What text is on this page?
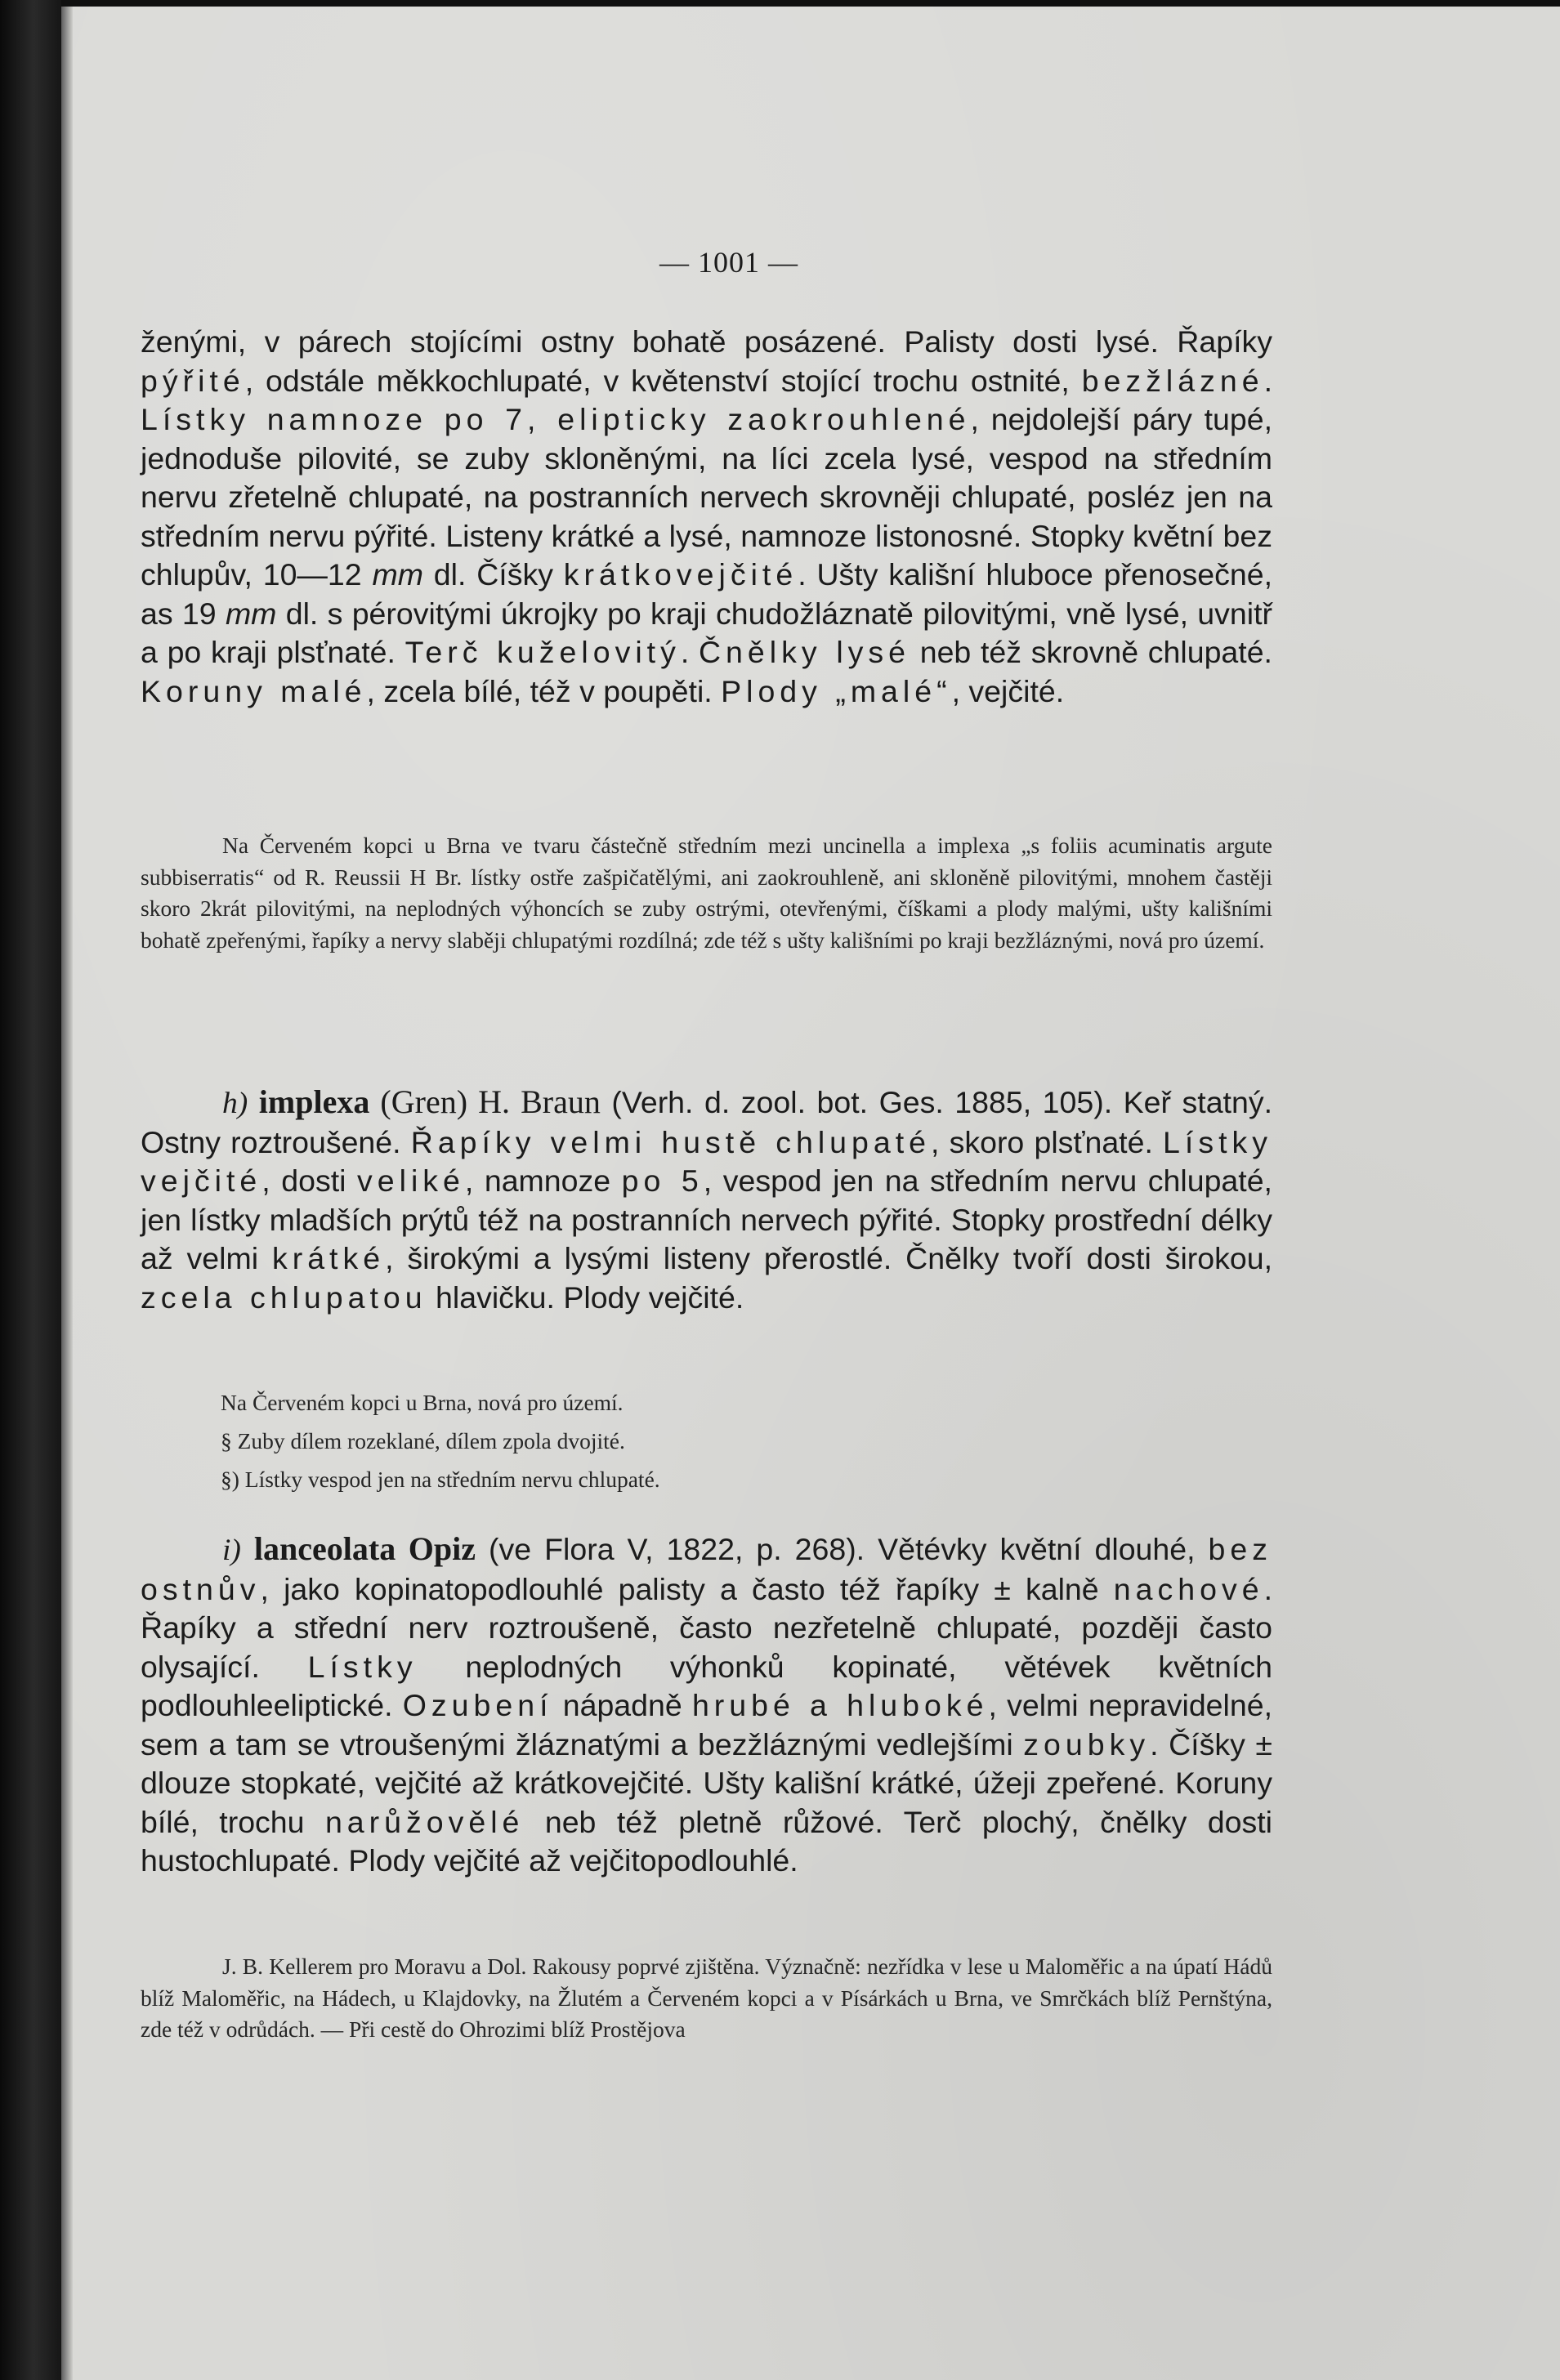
— 1001 —

ženými, v párech stojícími ostny bohatě posázené. Palisty dosti lysé. Řapíky pýřité, odstále měkkochlupaté, v květenství stojící trochu ostnité, bezžlázné. Lístky namnoze po 7, elipticky zaokrouhlené, nejdolejší páry tupé, jednoduše pilovité, se zuby skloněnými, na líci zcela lysé, vespod na středním nervu zřetelně chlupaté, na postranních nervech skrovněji chlupaté, posléz jen na středním nervu pýřité. Listeny krátké a lysé, namnoze listonosné. Stopky květní bez chlupův, 10—12 mm dl. Číšky krátkovejčité. Ušty kališní hluboce přenosečné, as 19 mm dl. s pérovitými úkrojky po kraji chudožláznatě pilovitými, vně lysé, uvnitř a po kraji plsťnaté. Terč kuželovitý. Čnělky lysé neb též skrovně chlupaté. Koruny malé, zcela bílé, též v poupěti. Plody „malé“, vejčité.

Na Červeném kopci u Brna ve tvaru částečně středním mezi uncinella a implexa „s foliis acuminatis argute subbiserratis“ od R. Reussii H Br. lístky ostře zašpičatělými, ani zaokrouhleně, ani skloněně pilovitými, mnohem častěji skoro 2krát pilovitými, na neplodných výhoncích se zuby ostrými, otevřenými, číškami a plody malými, ušty kališními bohatě zpeřenými, řapíky a nervy slaběji chlupatými rozdílná; zde též s ušty kališními po kraji bezžláznými, nová pro území.

h) implexa (Gren) H. Braun (Verh. d. zool. bot. Ges. 1885, 105). Keř statný. Ostny roztroušené. Řapíky velmi hustě chlupaté, skoro plsťnaté. Lístky vejčité, dosti veliké, namnoze po 5, vespod jen na středním nervu chlupaté, jen lístky mladších prýtů též na postranních nervech pýřité. Stopky prostřední délky až velmi krátké, širokými a lysými listeny přerostlé. Čnělky tvoří dosti širokou, zcela chlupatou hlavičku. Plody vejčité.

Na Červeném kopci u Brna, nová pro území.

§ Zuby dílem rozeklané, dílem zpola dvojité.

§) Lístky vespod jen na středním nervu chlupaté.

i) lanceolata Opiz (ve Flora V, 1822, p. 268). Větévky květní dlouhé, bez ostnův, jako kopinatopodlouhlé palisty a často též řapíky ± kalně nachové. Řapíky a střední nerv roztroušeně, často nezřetelně chlupaté, později často olysající. Lístky neplodných výhonků kopinaté, větévek květních podlouhleeliptické. Ozubení nápadně hrubé a hluboké, velmi nepravidelné, sem a tam se vtroušenými žláznatými a bezžláznými vedlejšími zoubky. Číšky ± dlouze stopkaté, vejčité až krátkovejčité. Ušty kališní krátké, úžeji zpeřené. Koruny bílé, trochu narůžovělé neb též pletně růžové. Terč plochý, čnělky dosti hustochlupaté. Plody vejčité až vejčitopodlouhlé.

J. B. Kellerem pro Moravu a Dol. Rakousy poprvé zjištěna. Význačně: nezřídka v lese u Maloměřic a na úpatí Hádů blíž Maloměřic, na Hádech, u Klajdovky, na Žlutém a Červeném kopci a v Písárkách u Brna, ve Smrčkách blíž Pernštýna, zde též v odrůdách. — Při cestě do Ohrozimi blíž Prostějova
